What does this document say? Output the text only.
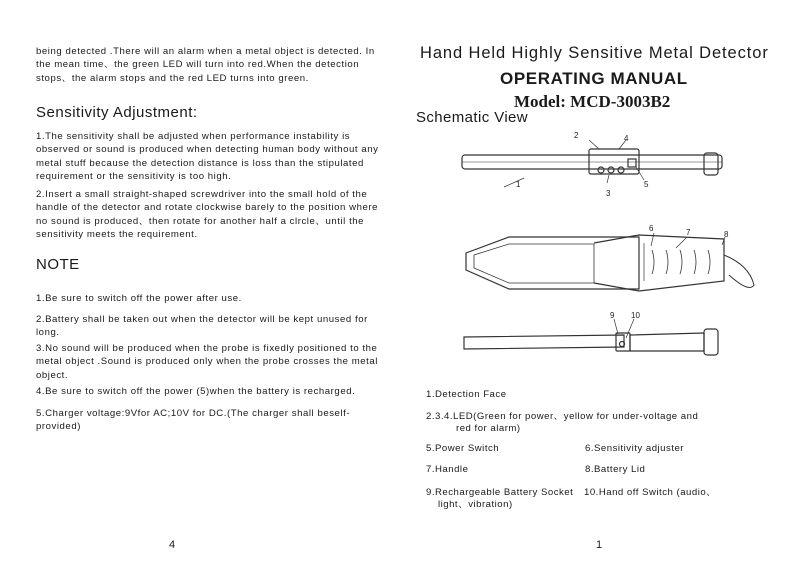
being detected .There will an alarm when a metal object is detected. In the mean time、the green LED will turn into red.When the detection stops、the alarm stops and the red LED turns into green.

Sensitivity Adjustment:

1.The sensitivity shall be adjusted when performance instability is observed or sound is produced when detecting human body without any metal stuff because the detection distance is loss than the stipulated requirement or the sensitivity is too high.

2.Insert a small straight-shaped screwdriver into the small hold of the handle of the detector and rotate clockwise barely to the position where no sound is produced、then rotate for another half a clrcle、until the sensitivity meets the requirement.

NOTE

1.Be sure to switch off the power after use.

2.Battery shall be taken out when the detector will be kept unused for long.

3.No sound will be produced when the probe is fixedly positioned to the metal object .Sound is produced only when the probe crosses the metal object.

4.Be sure to switch off the power (5)when the battery is recharged.

5.Charger voltage:9Vfor AC;10V for DC.(The charger shall beself-provided)

4
Hand Held Highly Sensitive Metal Detector
OPERATING MANUAL
Model: MCD-3003B2
Schematic View
1
2
3
4
5
6	7	8
9 10
1.Detection Face
2.3.4.LED(Green for power、yellow for under-voltage and
red for alarm)
5.Power Switch	6.Sensitivity adjuster
7.Handle	8.Battery Lid
9.Rechargeable Battery Socket 10.Hand off Switch (audio、
light、vibration)
1
